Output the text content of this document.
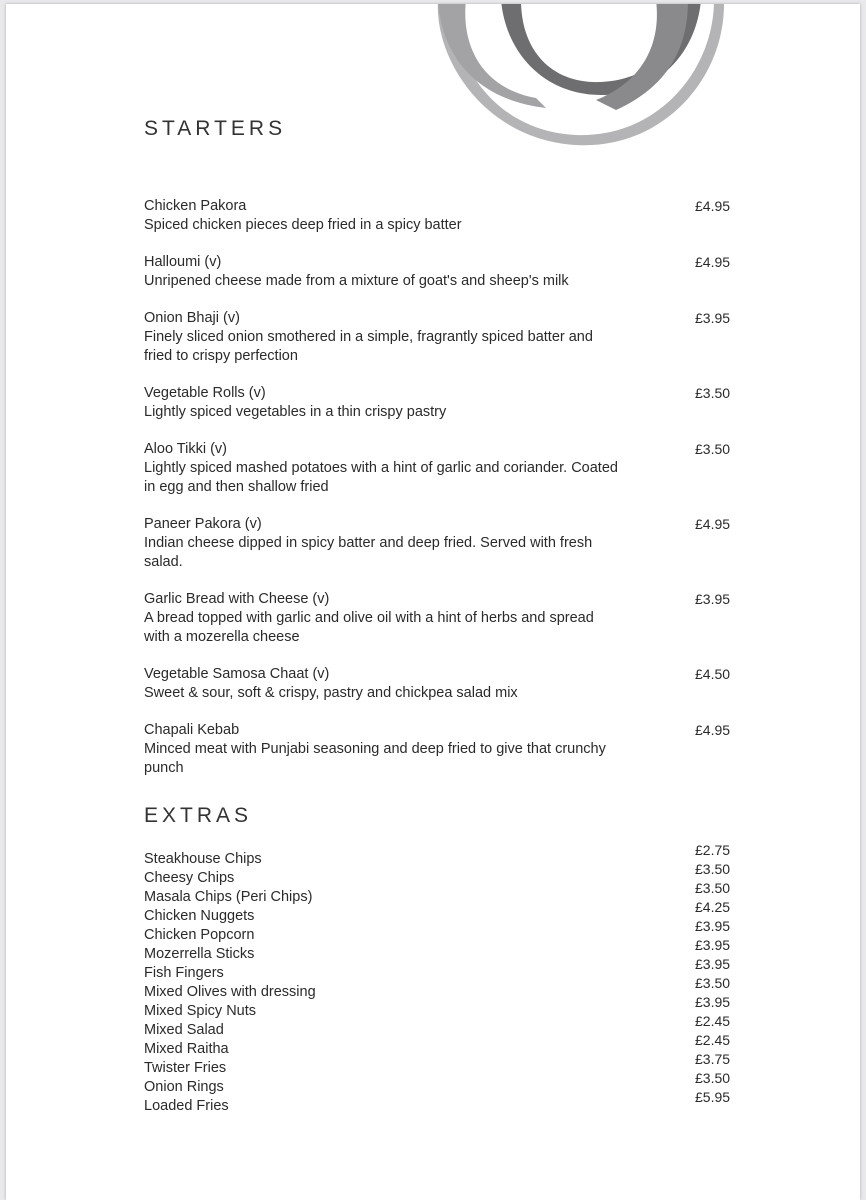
STARTERS
Chicken Pakora
Spiced chicken pieces deep fried in a spicy batter
£4.95
Halloumi (v)
Unripened cheese made from a mixture of goat's and sheep's milk
£4.95
Onion Bhaji (v)
Finely sliced onion smothered in a simple, fragrantly spiced batter and fried to crispy perfection
£3.95
Vegetable Rolls (v)
Lightly spiced vegetables in a thin crispy pastry
£3.50
Aloo Tikki (v)
Lightly spiced mashed potatoes with a hint of garlic and coriander. Coated in egg and then shallow fried
£3.50
Paneer Pakora (v)
Indian cheese dipped in spicy batter and deep fried. Served with fresh salad.
£4.95
Garlic Bread with Cheese (v)
A bread topped with garlic and olive oil with a hint of herbs and spread with a mozerella cheese
£3.95
Vegetable Samosa Chaat (v)
Sweet & sour, soft & crispy, pastry and chickpea salad mix
£4.50
Chapali Kebab
Minced meat with Punjabi seasoning and deep fried to give that crunchy punch
£4.95
EXTRAS
Steakhouse Chips
Cheesy Chips
Masala Chips (Peri Chips)
Chicken Nuggets
Chicken Popcorn
Mozerrella Sticks
Fish Fingers
Mixed Olives with dressing
Mixed Spicy Nuts
Mixed Salad
Mixed Raitha
Twister Fries
Onion Rings
Loaded Fries
£2.75
£3.50
£3.50
£4.25
£3.95
£3.95
£3.95
£3.50
£3.95
£2.45
£2.45
£3.75
£3.50
£5.95
